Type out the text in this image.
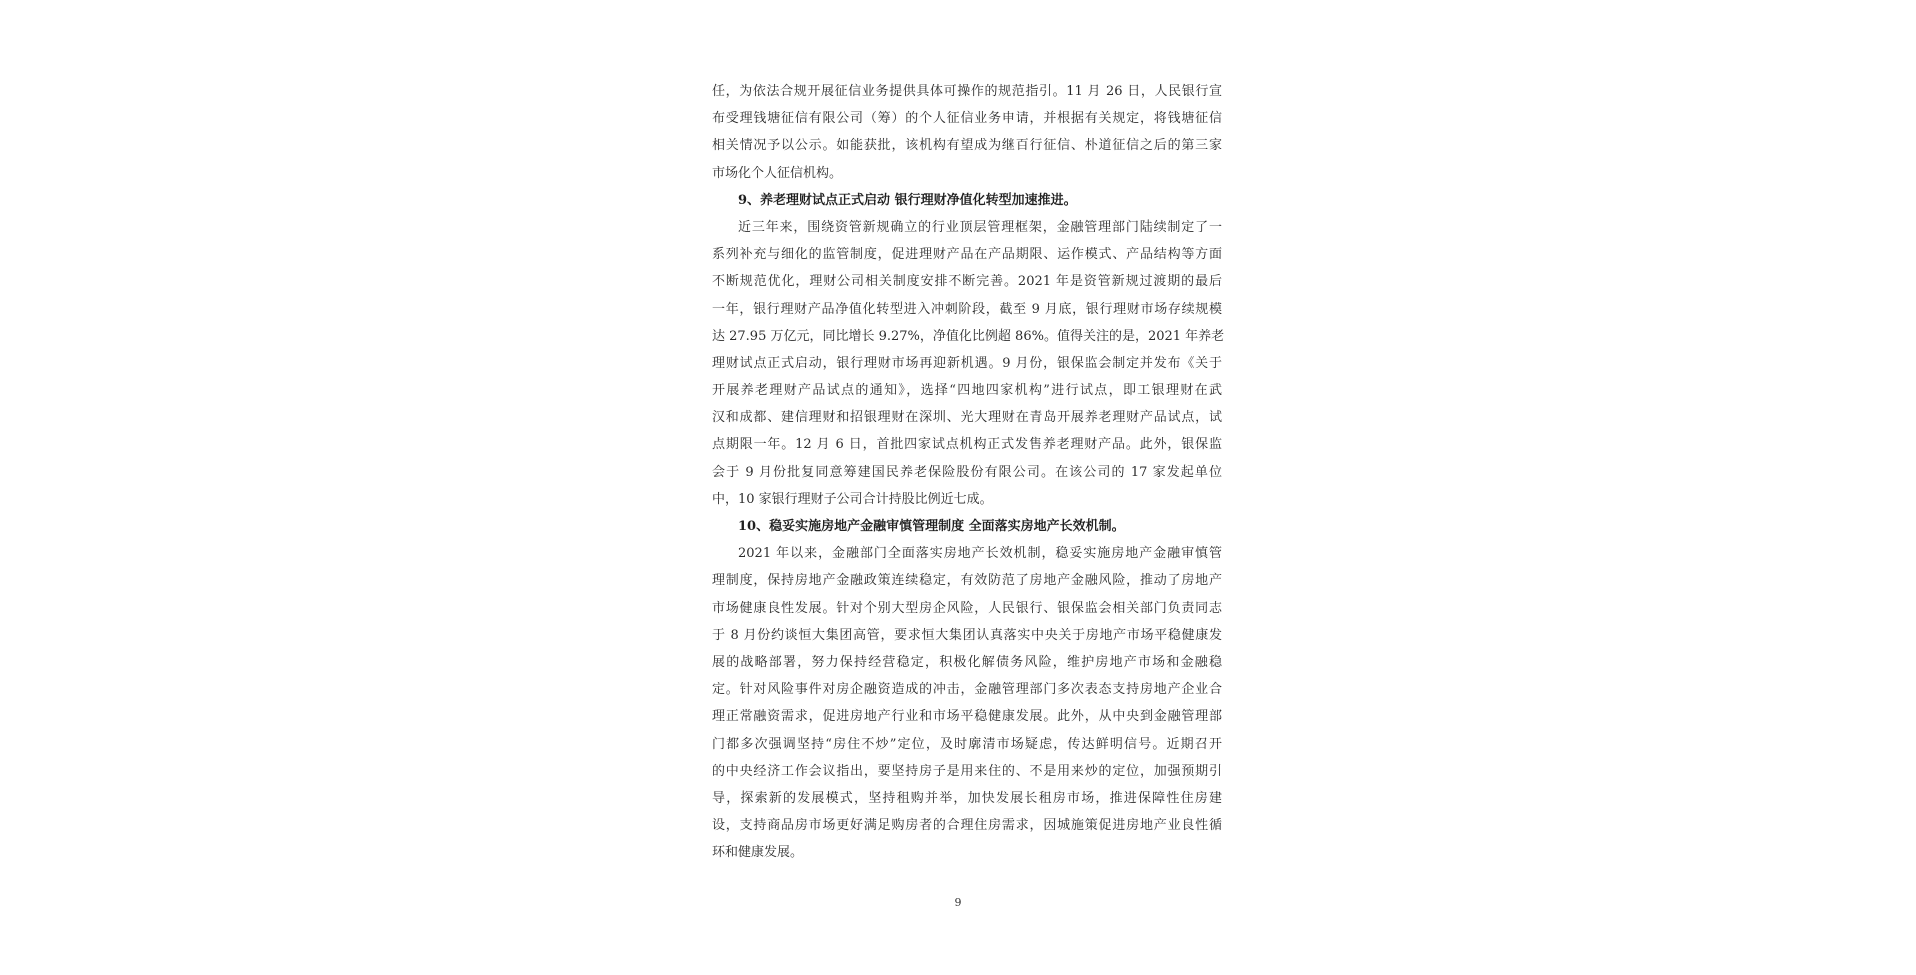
任，为依法合规开展征信业务提供具体可操作的规范指引。11 月 26 日，人民银行宣
布受理钱塘征信有限公司（筹）的个人征信业务申请，并根据有关规定，将钱塘征信
相关情况予以公示。如能获批，该机构有望成为继百行征信、朴道征信之后的第三家
市场化个人征信机构。
9、养老理财试点正式启动 银行理财净值化转型加速推进。
近三年来，围绕资管新规确立的行业顶层管理框架，金融管理部门陆续制定了一
系列补充与细化的监管制度，促进理财产品在产品期限、运作模式、产品结构等方面
不断规范优化，理财公司相关制度安排不断完善。2021 年是资管新规过渡期的最后
一年，银行理财产品净值化转型进入冲刺阶段，截至 9 月底，银行理财市场存续规模
达 27.95 万亿元，同比增长 9.27%，净值化比例超 86%。值得关注的是，2021 年养老
理财试点正式启动，银行理财市场再迎新机遇。9 月份，银保监会制定并发布《关于
开展养老理财产品试点的通知》，选择“四地四家机构”进行试点，即工银理财在武
汉和成都、建信理财和招银理财在深圳、光大理财在青岛开展养老理财产品试点，试
点期限一年。12 月 6 日，首批四家试点机构正式发售养老理财产品。此外，银保监
会于 9 月份批复同意筹建国民养老保险股份有限公司。在该公司的 17 家发起单位
中，10 家银行理财子公司合计持股比例近七成。
10、稳妥实施房地产金融审慎管理制度 全面落实房地产长效机制。
2021 年以来，金融部门全面落实房地产长效机制，稳妥实施房地产金融审慎管
理制度，保持房地产金融政策连续稳定，有效防范了房地产金融风险，推动了房地产
市场健康良性发展。针对个别大型房企风险，人民银行、银保监会相关部门负责同志
于 8 月份约谈恒大集团高管，要求恒大集团认真落实中央关于房地产市场平稳健康发
展的战略部署，努力保持经营稳定，积极化解债务风险，维护房地产市场和金融稳
定。针对风险事件对房企融资造成的冲击，金融管理部门多次表态支持房地产企业合
理正常融资需求，促进房地产行业和市场平稳健康发展。此外，从中央到金融管理部
门都多次强调坚持“房住不炒”定位，及时廓清市场疑虑，传达鲜明信号。近期召开
的中央经济工作会议指出，要坚持房子是用来住的、不是用来炒的定位，加强预期引
导，探索新的发展模式，坚持租购并举，加快发展长租房市场，推进保障性住房建
设，支持商品房市场更好满足购房者的合理住房需求，因城施策促进房地产业良性循
环和健康发展。
9
